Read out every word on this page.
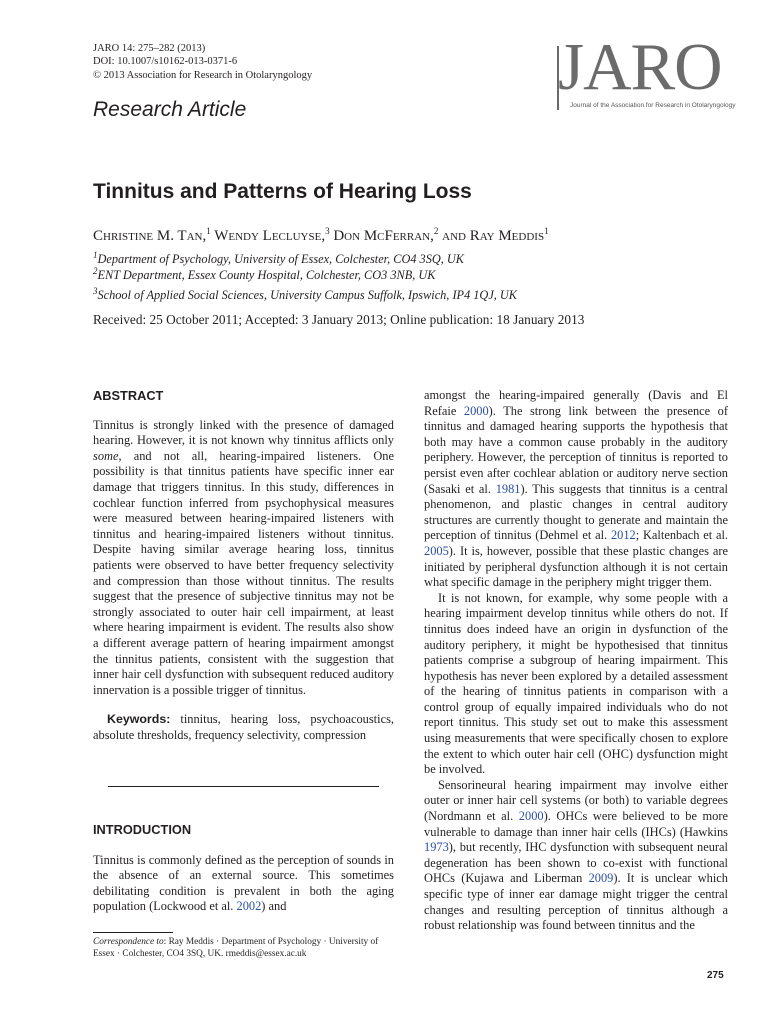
JARO 14: 275–282 (2013)
DOI: 10.1007/s10162-013-0371-6
© 2013 Association for Research in Otolaryngology	JARO
Journal of the Association for Research in Otolaryngology
Research Article
Tinnitus and Patterns of Hearing Loss
Christine M. Tan,$^1$ Wendy Lecluyse,$^3$ Don McFerran,$^2$ and Ray Meddis$^1$
$^1$Department of Psychology, University of Essex, Colchester, CO4 3SQ, UK
$^2$ENT Department, Essex County Hospital, Colchester, CO3 3NB, UK
$^3$School of Applied Social Sciences, University Campus Suffolk, Ipswich, IP4 1QJ, UK
Received: 25 October 2011; Accepted: 3 January 2013; Online publication: 18 January 2013
ABSTRACT

Tinnitus is strongly linked with the presence of damaged hearing. However, it is not known why tinnitus afflicts only some, and not all, hearing-impaired listeners. One possibility is that tinnitus patients have specific inner ear damage that triggers tinnitus. In this study, differences in cochlear function inferred from psychophysical measures were measured between hearing-impaired listeners with tinnitus and hearing-impaired listeners without tinnitus. Despite having similar average hearing loss, tinnitus patients were observed to have better frequency selectivity and compression than those without tinnitus. The results suggest that the presence of subjective tinnitus may not be strongly associated to outer hair cell impairment, at least where hearing impairment is evident. The results also show a different average pattern of hearing impairment amongst the tinnitus patients, consistent with the suggestion that inner hair cell dysfunction with subsequent reduced auditory innervation is a possible trigger of tinnitus.

Keywords: tinnitus, hearing loss, psychoacoustics, absolute thresholds, frequency selectivity, compression

INTRODUCTION

Tinnitus is commonly defined as the perception of sounds in the absence of an external source. This sometimes debilitating condition is prevalent in both the aging population (Lockwood et al. 2002) and

Correspondence to: Ray Meddis · Department of Psychology · University of Essex · Colchester, CO4 3SQ, UK. rmeddis@essex.ac.uk

amongst the hearing-impaired generally (Davis and El Refaie 2000). The strong link between the presence of tinnitus and damaged hearing supports the hypothesis that both may have a common cause probably in the auditory periphery. However, the perception of tinnitus is reported to persist even after cochlear ablation or auditory nerve section (Sasaki et al. 1981). This suggests that tinnitus is a central phenomenon, and plastic changes in central auditory structures are currently thought to generate and maintain the perception of tinnitus (Dehmel et al. 2012; Kaltenbach et al. 2005). It is, however, possible that these plastic changes are initiated by peripheral dysfunction although it is not certain what specific damage in the periphery might trigger them.

It is not known, for example, why some people with a hearing impairment develop tinnitus while others do not. If tinnitus does indeed have an origin in dysfunction of the auditory periphery, it might be hypothesised that tinnitus patients comprise a subgroup of hearing impairment. This hypothesis has never been explored by a detailed assessment of the hearing of tinnitus patients in comparison with a control group of equally impaired individuals who do not report tinnitus. This study set out to make this assessment using measurements that were specifically chosen to explore the extent to which outer hair cell (OHC) dysfunction might be involved.

Sensorineural hearing impairment may involve either outer or inner hair cell systems (or both) to variable degrees (Nordmann et al. 2000). OHCs were believed to be more vulnerable to damage than inner hair cells (IHCs) (Hawkins 1973), but recently, IHC dysfunction with subsequent neural degeneration has been shown to co-exist with functional OHCs (Kujawa and Liberman 2009). It is unclear which specific type of inner ear damage might trigger the central changes and resulting perception of tinnitus although a robust relationship was found between tinnitus and the

275
